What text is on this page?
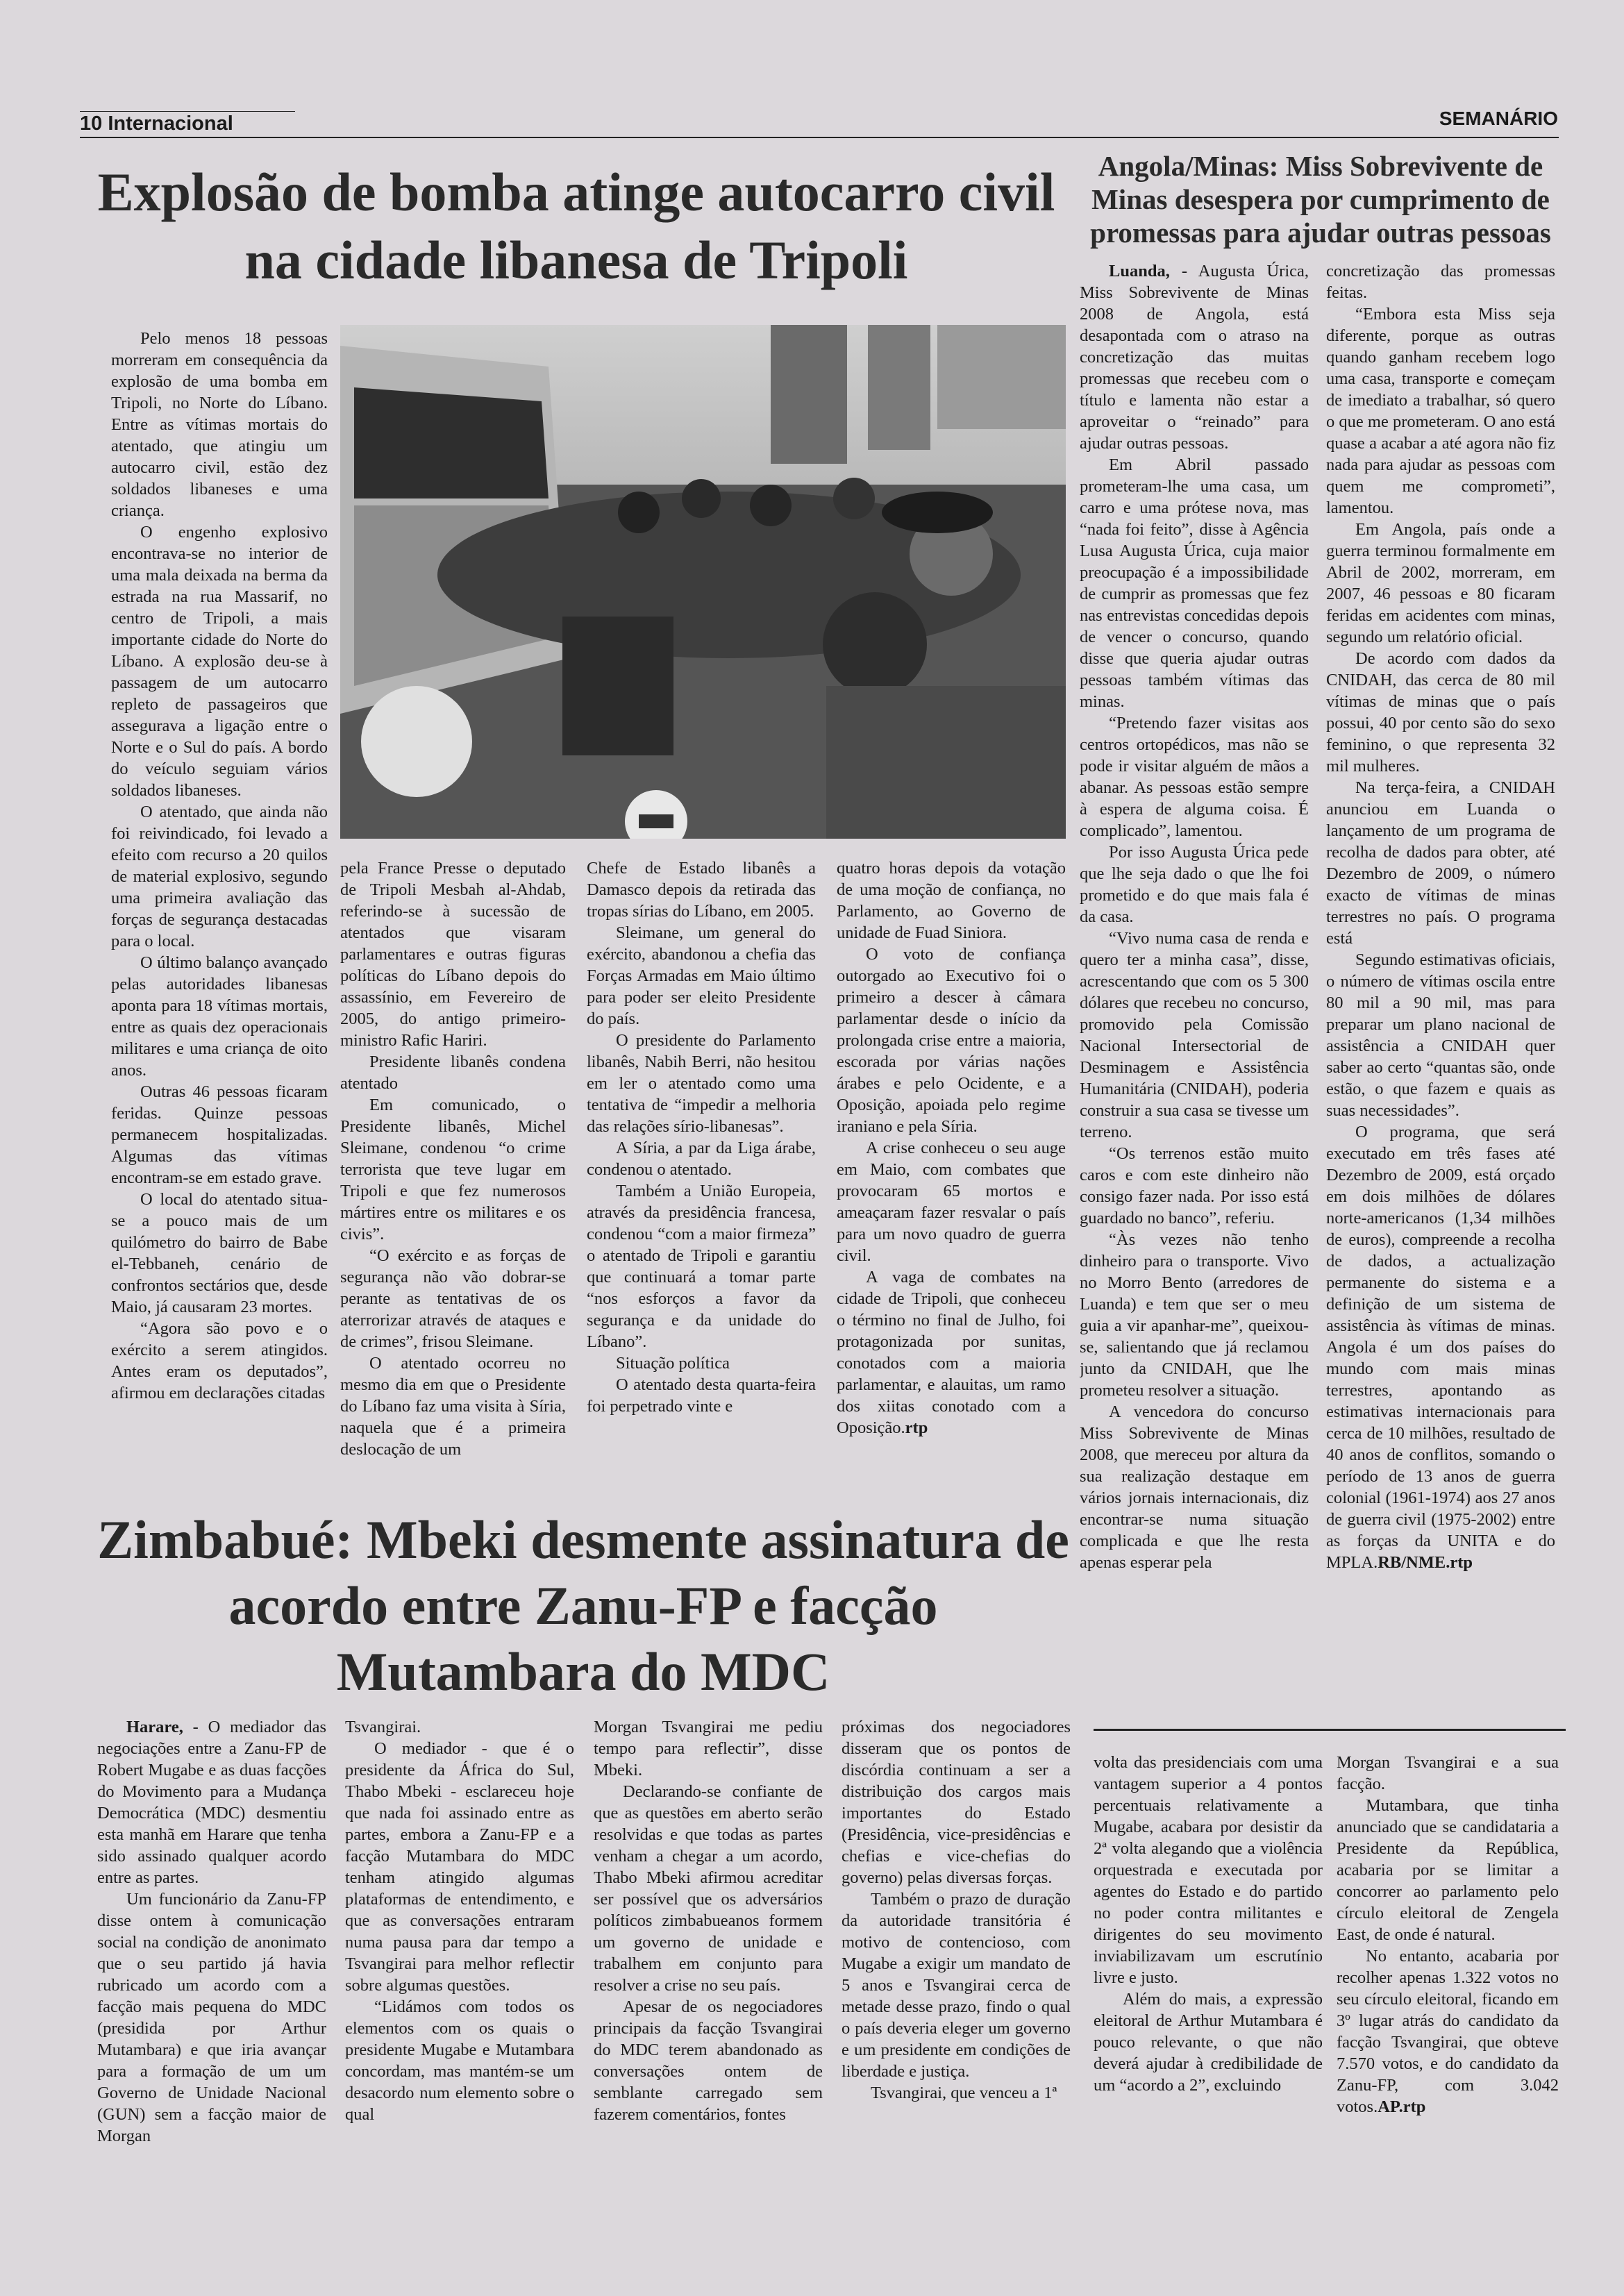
10 Internacional	SEMANÁRIO
Explosão de bomba atinge autocarro civil na cidade libanesa de Tripoli

Pelo menos 18 pessoas morreram em consequência da explosão de uma bomba em Tripoli, no Norte do Líbano. Entre as vítimas mortais do atentado, que atingiu um autocarro civil, estão dez soldados libaneses e uma criança.

O engenho explosivo encontrava-se no interior de uma mala deixada na berma da estrada na rua Massarif, no centro de Tripoli, a mais importante cidade do Norte do Líbano. A explosão deu-se à passagem de um autocarro repleto de passageiros que assegurava a ligação entre o Norte e o Sul do país. A bordo do veículo seguiam vários soldados libaneses.

O atentado, que ainda não foi reivindicado, foi levado a efeito com recurso a 20 quilos de material explosivo, segundo uma primeira avaliação das forças de segurança destacadas para o local.

O último balanço avançado pelas autoridades libanesas aponta para 18 vítimas mortais, entre as quais dez operacionais militares e uma criança de oito anos.

Outras 46 pessoas ficaram feridas. Quinze pessoas permanecem hospitalizadas. Algumas das vítimas encontram-se em estado grave.

O local do atentado situa-se a pouco mais de um quilómetro do bairro de Babe el-Tebbaneh, cenário de confrontos sectários que, desde Maio, já causaram 23 mortes.

“Agora são povo e o exército a serem atingidos. Antes eram os deputados”, afirmou em declarações citadas

pela France Presse o deputado de Tripoli Mesbah al-Ahdab, referindo-se à sucessão de atentados que visaram parlamentares e outras figuras políticas do Líbano depois do assassínio, em Fevereiro de 2005, do antigo primeiro-ministro Rafic Hariri.

Presidente libanês condena atentado

Em comunicado, o Presidente libanês, Michel Sleimane, condenou “o crime terrorista que teve lugar em Tripoli e que fez numerosos mártires entre os militares e os civis”.

“O exército e as forças de segurança não vão dobrar-se perante as tentativas de os aterrorizar através de ataques e de crimes”, frisou Sleimane.

O atentado ocorreu no mesmo dia em que o Presidente do Líbano faz uma visita à Síria, naquela que é a primeira deslocação de um

Chefe de Estado libanês a Damasco depois da retirada das tropas sírias do Líbano, em 2005.

Sleimane, um general do exército, abandonou a chefia das Forças Armadas em Maio último para poder ser eleito Presidente do país.

O presidente do Parlamento libanês, Nabih Berri, não hesitou em ler o atentado como uma tentativa de “impedir a melhoria das relações sírio-libanesas”.

A Síria, a par da Liga árabe, condenou o atentado.

Também a União Europeia, através da presidência francesa, condenou “com a maior firmeza” o atentado de Tripoli e garantiu que continuará a tomar parte “nos esforços a favor da segurança e da unidade do Líbano”.

Situação política

O atentado desta quarta-feira foi perpetrado vinte e

quatro horas depois da votação de uma moção de confiança, no Parlamento, ao Governo de unidade de Fuad Siniora.

O voto de confiança outorgado ao Executivo foi o primeiro a descer à câmara parlamentar desde o início da prolongada crise entre a maioria, escorada por várias nações árabes e pelo Ocidente, e a Oposição, apoiada pelo regime iraniano e pela Síria.

A crise conheceu o seu auge em Maio, com combates que provocaram 65 mortos e ameaçaram fazer resvalar o país para um novo quadro de guerra civil.

A vaga de combates na cidade de Tripoli, que conheceu o término no final de Julho, foi protagonizada por sunitas, conotados com a maioria parlamentar, e alauitas, um ramo dos xiitas conotado com a Oposição.rtp

Angola/Minas: Miss Sobrevivente de Minas desespera por cumprimento de promessas para ajudar outras pessoas

Luanda, - Augusta Úrica, Miss Sobrevivente de Minas 2008 de Angola, está desapontada com o atraso na concretização das muitas promessas que recebeu com o título e lamenta não estar a aproveitar o “reinado” para ajudar outras pessoas.

Em Abril passado prometeram-lhe uma casa, um carro e uma prótese nova, mas “nada foi feito”, disse à Agência Lusa Augusta Úrica, cuja maior preocupação é a impossibilidade de cumprir as promessas que fez nas entrevistas concedidas depois de vencer o concurso, quando disse que queria ajudar outras pessoas também vítimas das minas.

“Pretendo fazer visitas aos centros ortopédicos, mas não se pode ir visitar alguém de mãos a abanar. As pessoas estão sempre à espera de alguma coisa. É complicado”, lamentou.

Por isso Augusta Úrica pede que lhe seja dado o que lhe foi prometido e do que mais fala é da casa.

“Vivo numa casa de renda e quero ter a minha casa”, disse, acrescentando que com os 5 300 dólares que recebeu no concurso, promovido pela Comissão Nacional Intersectorial de Desminagem e Assistência Humanitária (CNIDAH), poderia construir a sua casa se tivesse um terreno.

“Os terrenos estão muito caros e com este dinheiro não consigo fazer nada. Por isso está guardado no banco”, referiu.

“Às vezes não tenho dinheiro para o transporte. Vivo no Morro Bento (arredores de Luanda) e tem que ser o meu guia a vir apanhar-me”, queixou-se, salientando que já reclamou junto da CNIDAH, que lhe prometeu resolver a situação.

A vencedora do concurso Miss Sobrevivente de Minas 2008, que mereceu por altura da sua realização destaque em vários jornais internacionais, diz encontrar-se numa situação complicada e que lhe resta apenas esperar pela

concretização das promessas feitas.

“Embora esta Miss seja diferente, porque as outras quando ganham recebem logo uma casa, transporte e começam de imediato a trabalhar, só quero o que me prometeram. O ano está quase a acabar a até agora não fiz nada para ajudar as pessoas com quem me comprometi”, lamentou.

Em Angola, país onde a guerra terminou formalmente em Abril de 2002, morreram, em 2007, 46 pessoas e 80 ficaram feridas em acidentes com minas, segundo um relatório oficial.

De acordo com dados da CNIDAH, das cerca de 80 mil vítimas de minas que o país possui, 40 por cento são do sexo feminino, o que representa 32 mil mulheres.

Na terça-feira, a CNIDAH anunciou em Luanda o lançamento de um programa de recolha de dados para obter, até Dezembro de 2009, o número exacto de vítimas de minas terrestres no país. O programa está

Segundo estimativas oficiais, o número de vítimas oscila entre 80 mil a 90 mil, mas para preparar um plano nacional de assistência a CNIDAH quer saber ao certo “quantas são, onde estão, o que fazem e quais as suas necessidades”.

O programa, que será executado em três fases até Dezembro de 2009, está orçado em dois milhões de dólares norte-americanos (1,34 milhões de euros), compreende a recolha de dados, a actualização permanente do sistema e a definição de um sistema de assistência às vítimas de minas. Angola é um dos países do mundo com mais minas terrestres, apontando as estimativas internacionais para cerca de 10 milhões, resultado de 40 anos de conflitos, somando o período de 13 anos de guerra colonial (1961-1974) aos 27 anos de guerra civil (1975-2002) entre as forças da UNITA e do MPLA.RB/NME.rtp

Zimbabué: Mbeki desmente assinatura de acordo entre Zanu-FP e facção Mutambara do MDC

Harare, - O mediador das negociações entre a Zanu-FP de Robert Mugabe e as duas facções do Movimento para a Mudança Democrática (MDC) desmentiu esta manhã em Harare que tenha sido assinado qualquer acordo entre as partes.

Um funcionário da Zanu-FP disse ontem à comunicação social na condição de anonimato que o seu partido já havia rubricado um acordo com a facção mais pequena do MDC (presidida por Arthur Mutambara) e que iria avançar para a formação de um um Governo de Unidade Nacional (GUN) sem a facção maior de Morgan

Tsvangirai.

O mediador - que é o presidente da África do Sul, Thabo Mbeki - esclareceu hoje que nada foi assinado entre as partes, embora a Zanu-FP e a facção Mutambara do MDC tenham atingido algumas plataformas de entendimento, e que as conversações entraram numa pausa para dar tempo a Tsvangirai para melhor reflectir sobre algumas questões.

“Lidámos com todos os elementos com os quais o presidente Mugabe e Mutambara concordam, mas mantém-se um desacordo num elemento sobre o qual

Morgan Tsvangirai me pediu tempo para reflectir”, disse Mbeki.

Declarando-se confiante de que as questões em aberto serão resolvidas e que todas as partes venham a chegar a um acordo, Thabo Mbeki afirmou acreditar ser possível que os adversários políticos zimbabueanos formem um governo de unidade e trabalhem em conjunto para resolver a crise no seu país.

Apesar de os negociadores principais da facção Tsvangirai do MDC terem abandonado as conversações ontem de semblante carregado sem fazerem comentários, fontes

próximas dos negociadores disseram que os pontos de discórdia continuam a ser a distribuição dos cargos mais importantes do Estado (Presidência, vice-presidências e chefias e vice-chefias do governo) pelas diversas forças.

Também o prazo de duração da autoridade transitória é motivo de contencioso, com Mugabe a exigir um mandato de 5 anos e Tsvangirai cerca de metade desse prazo, findo o qual o país deveria eleger um governo e um presidente em condições de liberdade e justiça.

Tsvangirai, que venceu a 1ª

volta das presidenciais com uma vantagem superior a 4 pontos percentuais relativamente a Mugabe, acabara por desistir da 2ª volta alegando que a violência orquestrada e executada por agentes do Estado e do partido no poder contra militantes e dirigentes do seu movimento inviabilizavam um escrutínio livre e justo.

Além do mais, a expressão eleitoral de Arthur Mutambara é pouco relevante, o que não deverá ajudar à credibilidade de um “acordo a 2”, excluindo

Morgan Tsvangirai e a sua facção.

Mutambara, que tinha anunciado que se candidataria a Presidente da República, acabaria por se limitar a concorrer ao parlamento pelo círculo eleitoral de Zengela East, de onde é natural.

No entanto, acabaria por recolher apenas 1.322 votos no seu círculo eleitoral, ficando em 3º lugar atrás do candidato da facção Tsvangirai, que obteve 7.570 votos, e do candidato da Zanu-FP, com 3.042 votos.AP.rtp
